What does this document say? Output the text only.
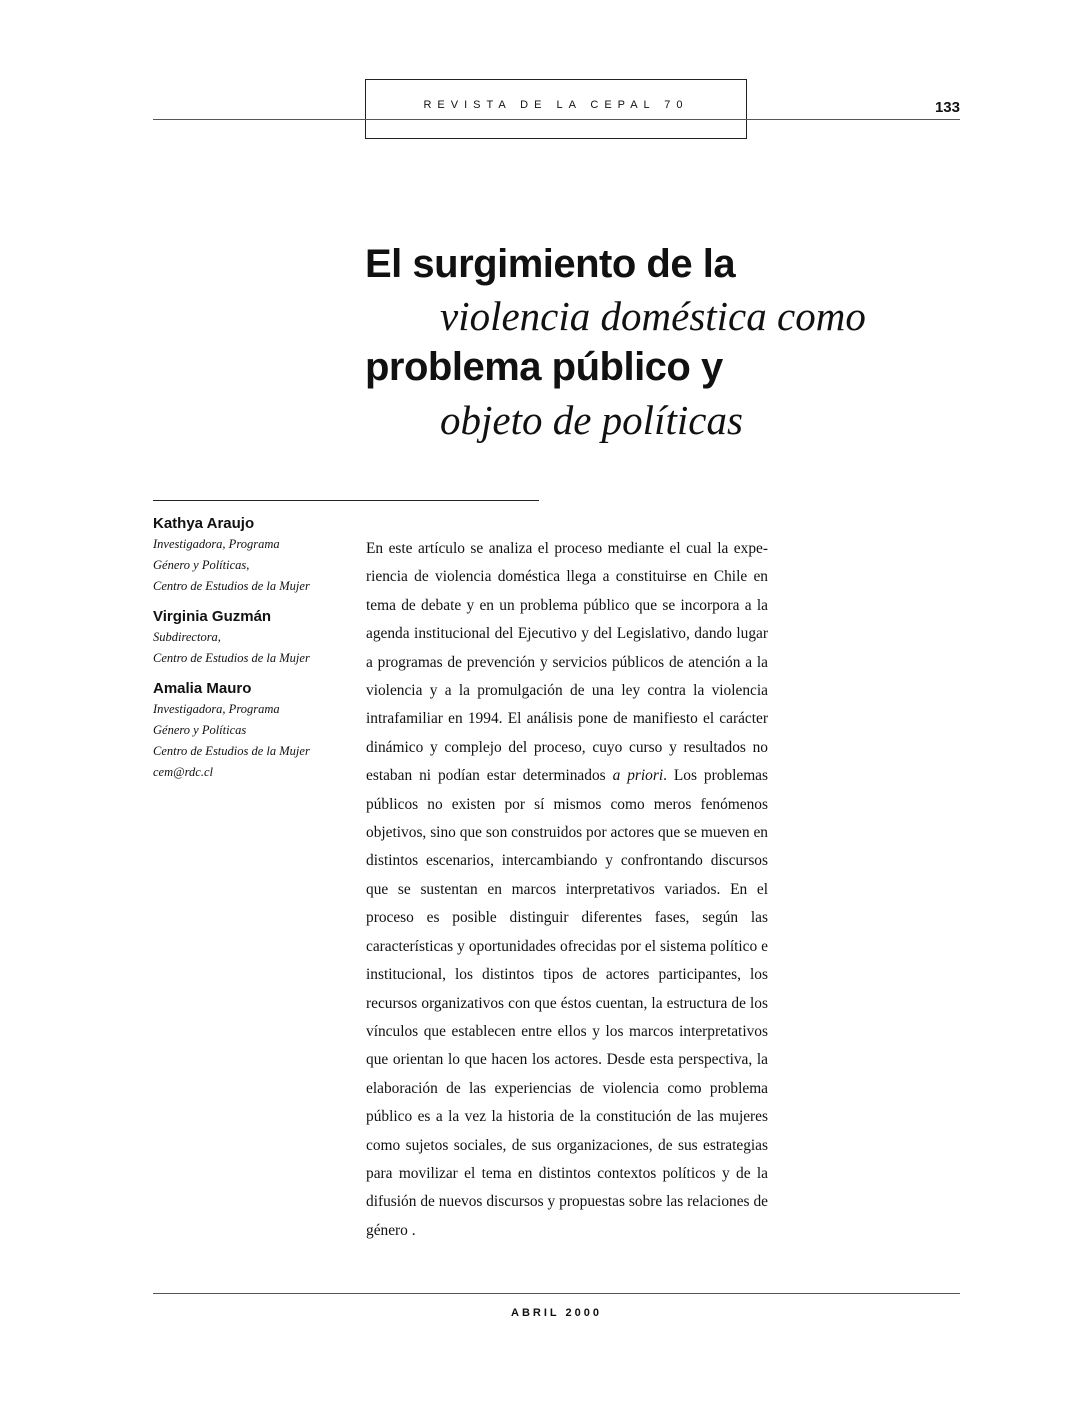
REVISTA DE LA CEPAL 70	133
El surgimiento de la
violencia doméstica como
problema público y
objeto de políticas
Kathya Araujo
Investigadora, Programa
Género y Políticas,
Centro de Estudios de la Mujer
Virginia Guzmán
Subdirectora,
Centro de Estudios de la Mujer
Amalia Mauro
Investigadora, Programa
Género y Políticas
Centro de Estudios de la Mujer
cem@rdc.cl
En este artículo se analiza el proceso mediante el cual la experiencia de violencia doméstica llega a constituirse en Chile en tema de debate y en un problema público que se incorpora a la agenda institucional del Ejecutivo y del Legislativo, dando lugar a programas de prevención y servicios públicos de atención a la violencia y a la promulgación de una ley contra la violencia intrafamiliar en 1994. El análisis pone de manifiesto el carácter dinámico y complejo del proceso, cuyo curso y resultados no estaban ni podían estar determinados a priori. Los problemas públicos no existen por sí mismos como meros fenómenos objetivos, sino que son construidos por actores que se mueven en distintos escenarios, intercambiando y confrontando discursos que se sustentan en marcos interpretativos variados. En el proceso es posible distinguir diferentes fases, según las características y oportunidades ofrecidas por el sistema político e institucional, los distintos tipos de actores participantes, los recursos organizativos con que éstos cuentan, la estructura de los vínculos que establecen entre ellos y los marcos interpretativos que orientan lo que hacen los actores. Desde esta perspectiva, la elaboración de las experiencias de violencia como problema público es a la vez la historia de la constitución de las mujeres como sujetos sociales, de sus organizaciones, de sus estrategias para movilizar el tema en distintos contextos políticos y de la difusión de nuevos discursos y propuestas sobre las relaciones de género .
ABRIL 2000
